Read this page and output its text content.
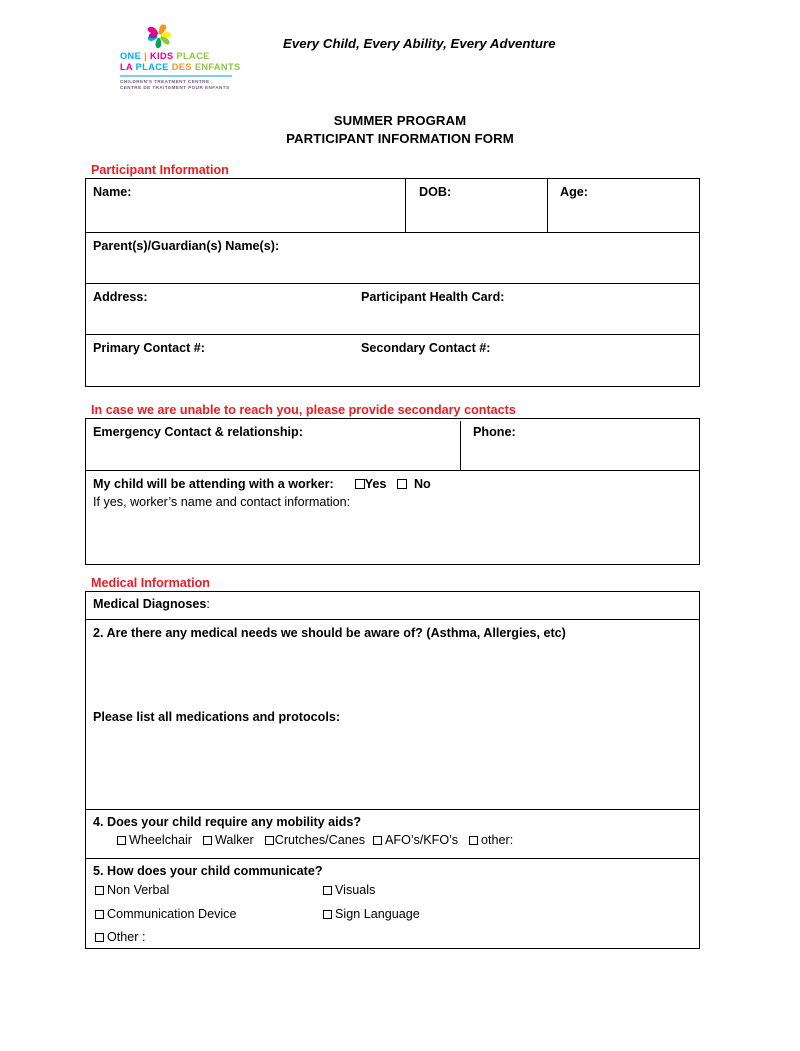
ONE | KIDS PLACE
LA PLACE DES ENFANTS
CHILDREN'S TREATMENT CENTRE
CENTRE DE TRAITEMENT POUR ENFANTS
Every Child, Every Ability, Every Adventure
SUMMER PROGRAM
PARTICIPANT INFORMATION FORM
Participant Information
Name:	DOB:	Age:
Parent(s)/Guardian(s) Name(s):
Address:	Participant Health Card:
Primary Contact #:	Secondary Contact #:
In case we are unable to reach you, please provide secondary contacts
Emergency Contact & relationship:	Phone:
My child will be attending with a worker: Yes No
If yes, worker’s name and contact information:
Medical Information
Medical Diagnoses:
2. Are there any medical needs we should be aware of? (Asthma, Allergies, etc)
Please list all medications and protocols:
4. Does your child require any mobility aids?
Wheelchair Walker Crutches/Canes AFO’s/KFO’s other:
5. How does your child communicate?
Non Verbal	Visuals
Communication Device	Sign Language
Other :
